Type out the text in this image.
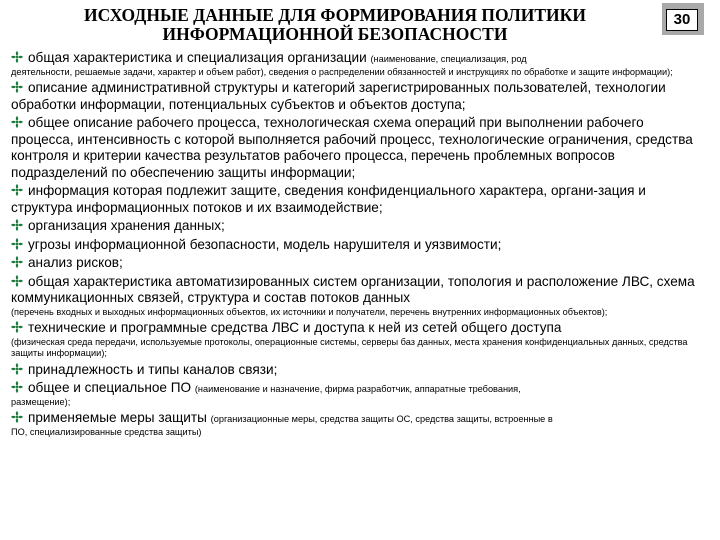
ИСХОДНЫЕ ДАННЫЕ ДЛЯ ФОРМИРОВАНИЯ ПОЛИТИКИ
ИНФОРМАЦИОННОЙ БЕЗОПАСНОСТИ
30

общая характеристика и специализация организации (наименование, специализация, род

деятельности, решаемые задачи, характер и объем работ), сведения о распределении обязанностей и инструкциях по обработке и защите информации);

описание административной структуры и категорий зарегистрированных пользователей, технологии обработки информации, потенциальных субъектов и объектов доступа;

общее описание рабочего процесса, технологическая схема операций при выполнении рабочего процесса, интенсивность с которой выполняется рабочий процесс, технологические ограничения, средства контроля и критерии качества результатов рабочего процесса, перечень проблемных вопросов подразделений по обеспечению защиты информации;

информация которая подлежит защите, сведения конфиденциального характера, органи-зация и структура информационных потоков и их взаимодействие;

организация хранения данных;

угрозы информационной безопасности, модель нарушителя и уязвимости;

анализ рисков;

общая характеристика автоматизированных систем организации, топология и расположение ЛВС, схема коммуникационных связей, структура и состав потоков данных

(перечень входных и выходных информационных объектов, их источники и получатели, перечень внутренних информационных объектов);

технические и программные средства ЛВС и доступа к ней из сетей общего доступа

(физическая среда передачи, используемые протоколы, операционные системы, серверы баз данных, места хранения конфиденциальных данных, средства защиты информации);

принадлежность и типы каналов связи;

общее и специальное ПО (наименование и назначение, фирма разработчик, аппаратные требования,

размещение);

применяемые меры защиты (организационные меры, средства защиты ОС, средства защиты, встроенные в

ПО, специализированные средства защиты)
